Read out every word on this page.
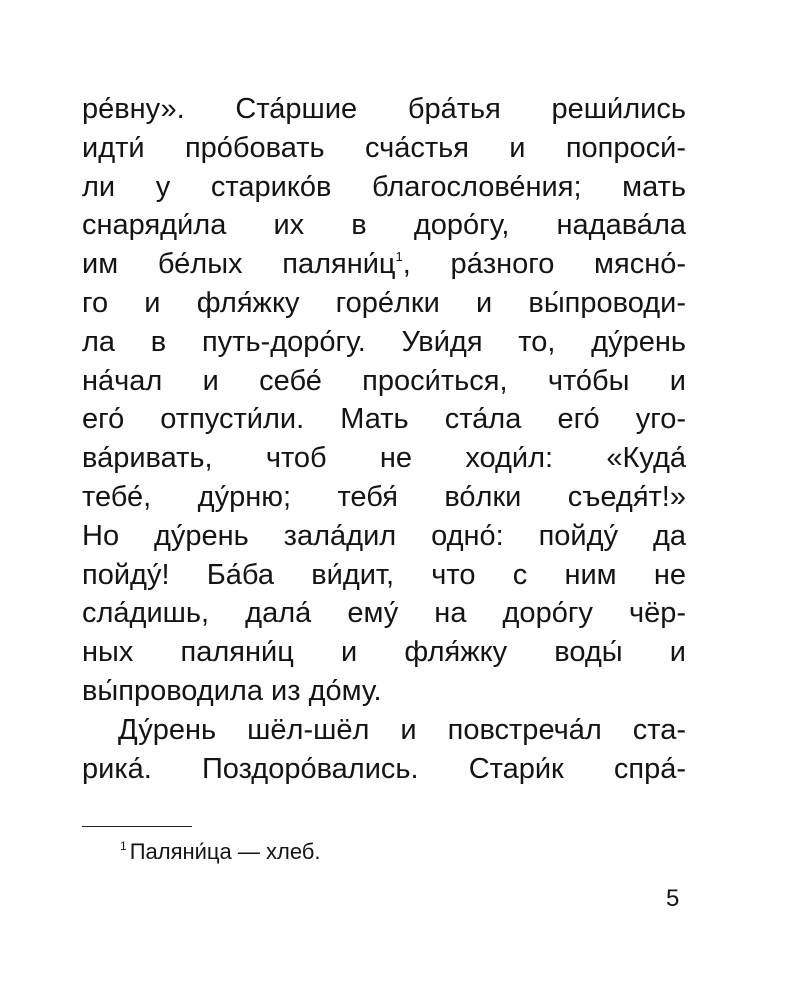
ре́вну». Ста́ршие бра́тья реши́лись
идти́ про́бовать сча́стья и попроси́-
ли у старико́в благослове́ния; мать
снаряди́ла их в доро́гу, надава́ла
им бе́лых $паляни́ц^1$, ра́зного мясно́-
го и фля́жку горе́лки и вы́проводи-
ла в путь-доро́гу. Уви́дя то, ду́рень
на́чал и себе́ проси́ться, что́бы и
его́ отпусти́ли. Мать ста́ла его́ уго-
ва́ривать, чтоб не ходи́л: «Куда́
тебе́, ду́рню; тебя́ во́лки съедя́т!»
Но ду́рень зала́дил одно́: пойду́ да
пойду́! Ба́ба ви́дит, что с ним не
сла́дишь, дала́ ему́ на доро́гу чёр-
ных паляни́ц и фля́жку воды́ и
вы́проводила из до́му.
Ду́рень шёл-шёл и повстреча́л ста-
рика́. Поздоро́вались. Стари́к спра́-
$^1$ Паляни́ца — хлеб.
5
